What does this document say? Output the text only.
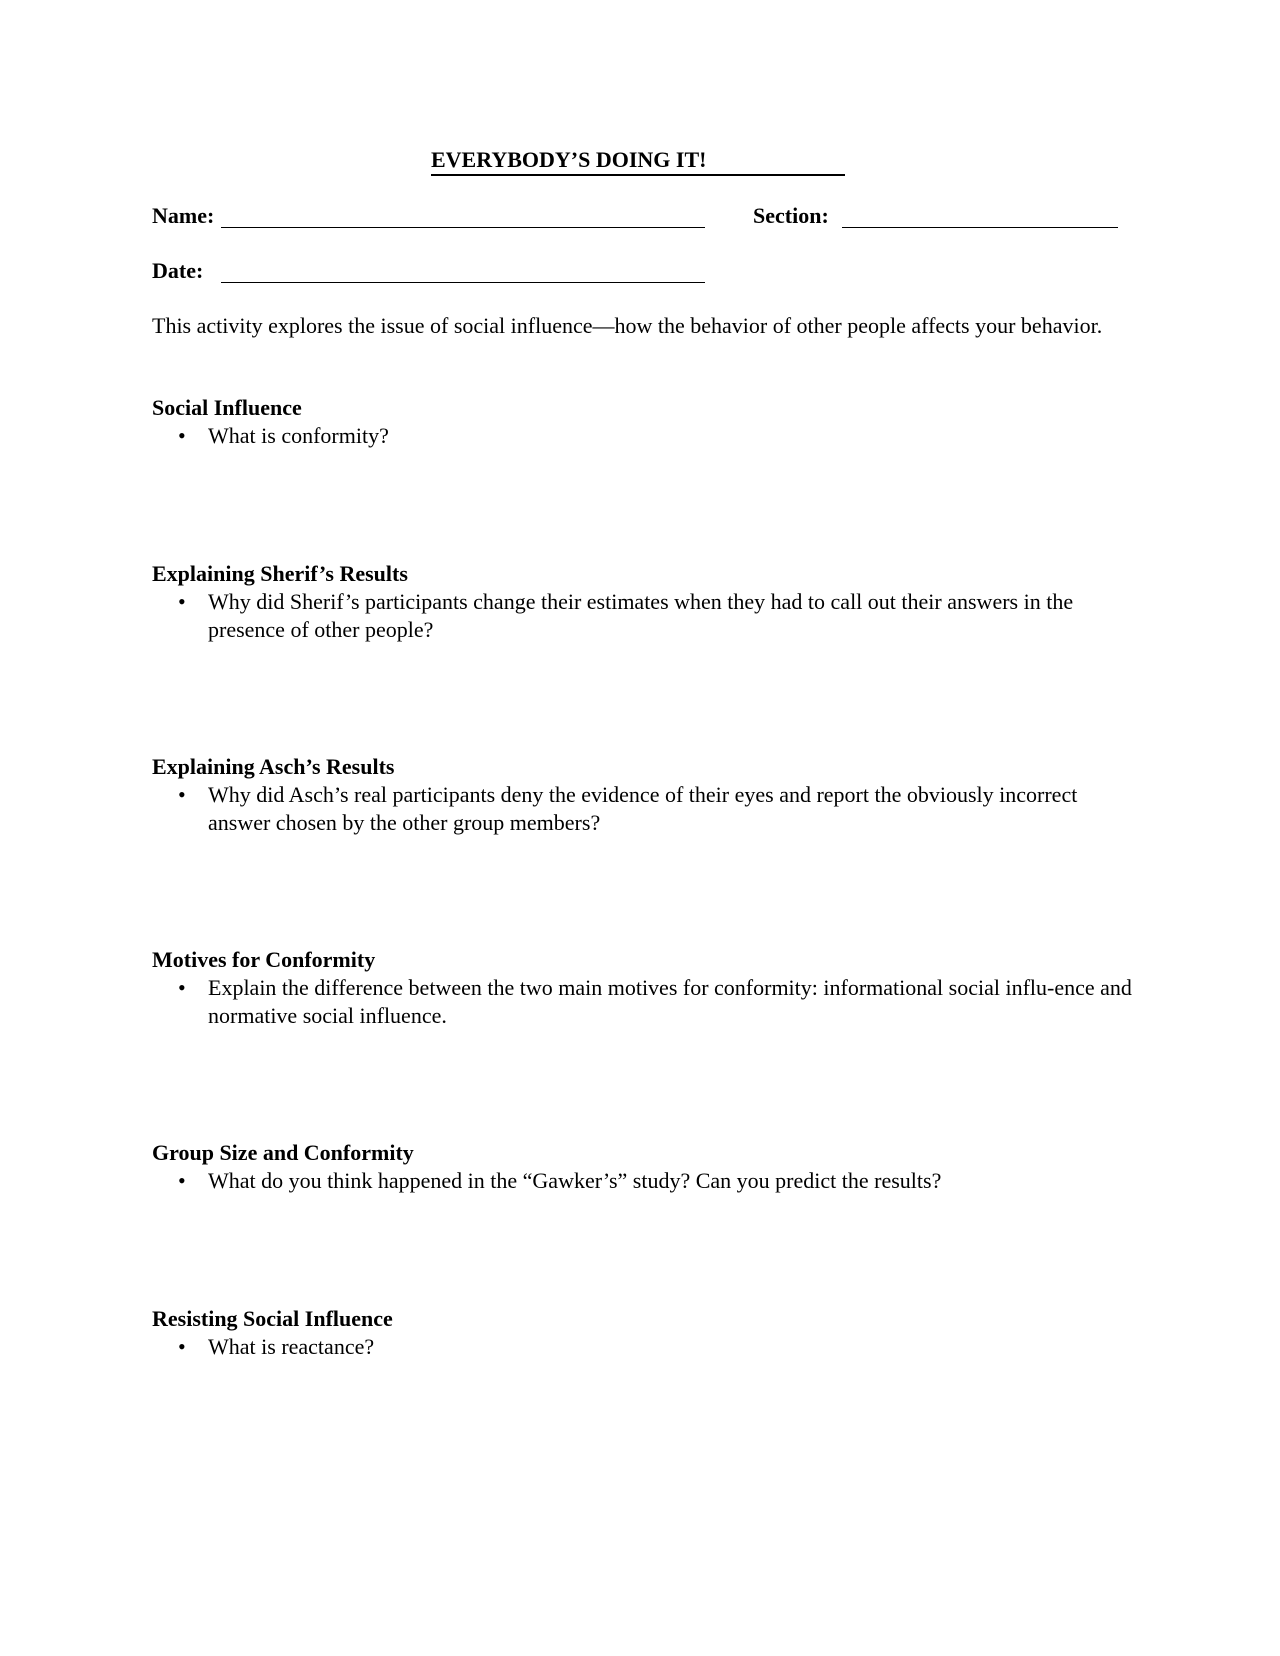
EVERYBODY’S DOING IT!
Name:	Section:
Date:
This activity explores the issue of social influence—how the behavior of other people affects your behavior.
Social Influence
• What is conformity?
Explaining Sherif’s Results
• Why did Sherif’s participants change their estimates when they had to call out their answers in the presence of other people?
Explaining Asch’s Results
• Why did Asch’s real participants deny the evidence of their eyes and report the obviously incorrect answer chosen by the other group members?
Motives for Conformity
• Explain the difference between the two main motives for conformity: informational social influ-ence and normative social influence.
Group Size and Conformity
• What do you think happened in the “Gawker’s” study? Can you predict the results?
Resisting Social Influence
• What is reactance?
